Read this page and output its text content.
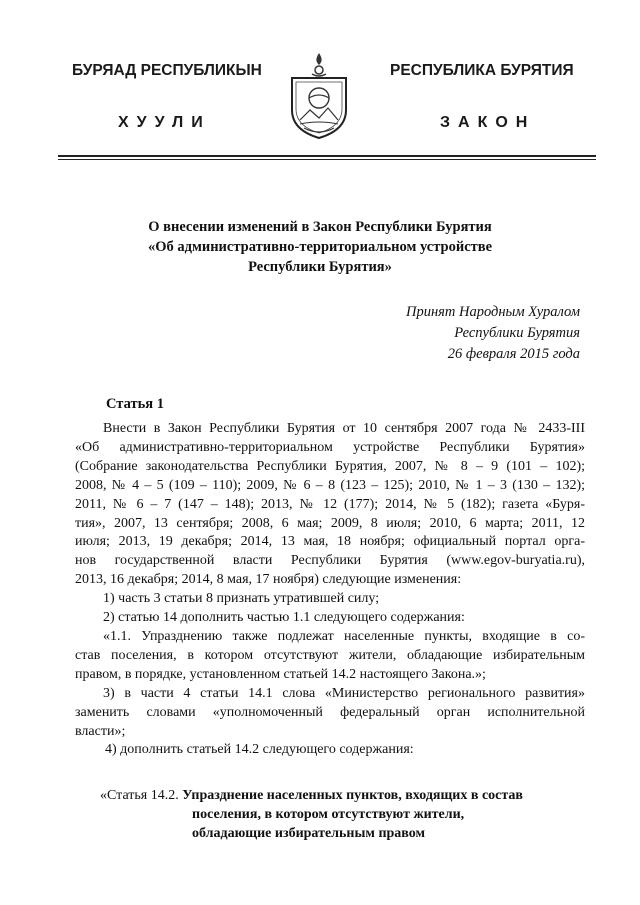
БУРЯАД РЕСПУБЛИКЫН
ХУУЛИ
РЕСПУБЛИКА БУРЯТИЯ
ЗАКОН
О внесении изменений в Закон Республики Бурятия
«Об административно-территориальном устройстве
Республики Бурятия»
Принят Народным Хуралом
Республики Бурятия
26 февраля 2015 года
Статья 1
Внести в Закон Республики Бурятия от 10 сентября 2007 года № 2433-III
«Об административно-территориальном устройстве Республики Бурятия»
(Собрание законодательства Республики Бурятия, 2007, № 8 – 9 (101 – 102);
2008, № 4 – 5 (109 – 110); 2009, № 6 – 8 (123 – 125); 2010, № 1 – 3 (130 – 132);
2011, № 6 – 7 (147 – 148); 2013, № 12 (177); 2014, № 5 (182); газета «Буря-
тия», 2007, 13 сентября; 2008, 6 мая; 2009, 8 июля; 2010, 6 марта; 2011, 12
июля; 2013, 19 декабря; 2014, 13 мая, 18 ноября; официальный портал орга-
нов государственной власти Республики Бурятия (www.egov-buryatia.ru),
2013, 16 декабря; 2014, 8 мая, 17 ноября) следующие изменения:
1) часть 3 статьи 8 признать утратившей силу;
2) статью 14 дополнить частью 1.1 следующего содержания:
«1.1. Упразднению также подлежат населенные пункты, входящие в со-
став поселения, в котором отсутствуют жители, обладающие избирательным
правом, в порядке, установленном статьей 14.2 настоящего Закона.»;
3) в части 4 статьи 14.1 слова «Министерство регионального развития»
заменить словами «уполномоченный федеральный орган исполнительной
власти»;
4) дополнить статьей 14.2 следующего содержания:
«Статья 14.2. Упразднение населенных пунктов, входящих в состав
поселения, в котором отсутствуют жители,
обладающие избирательным правом
